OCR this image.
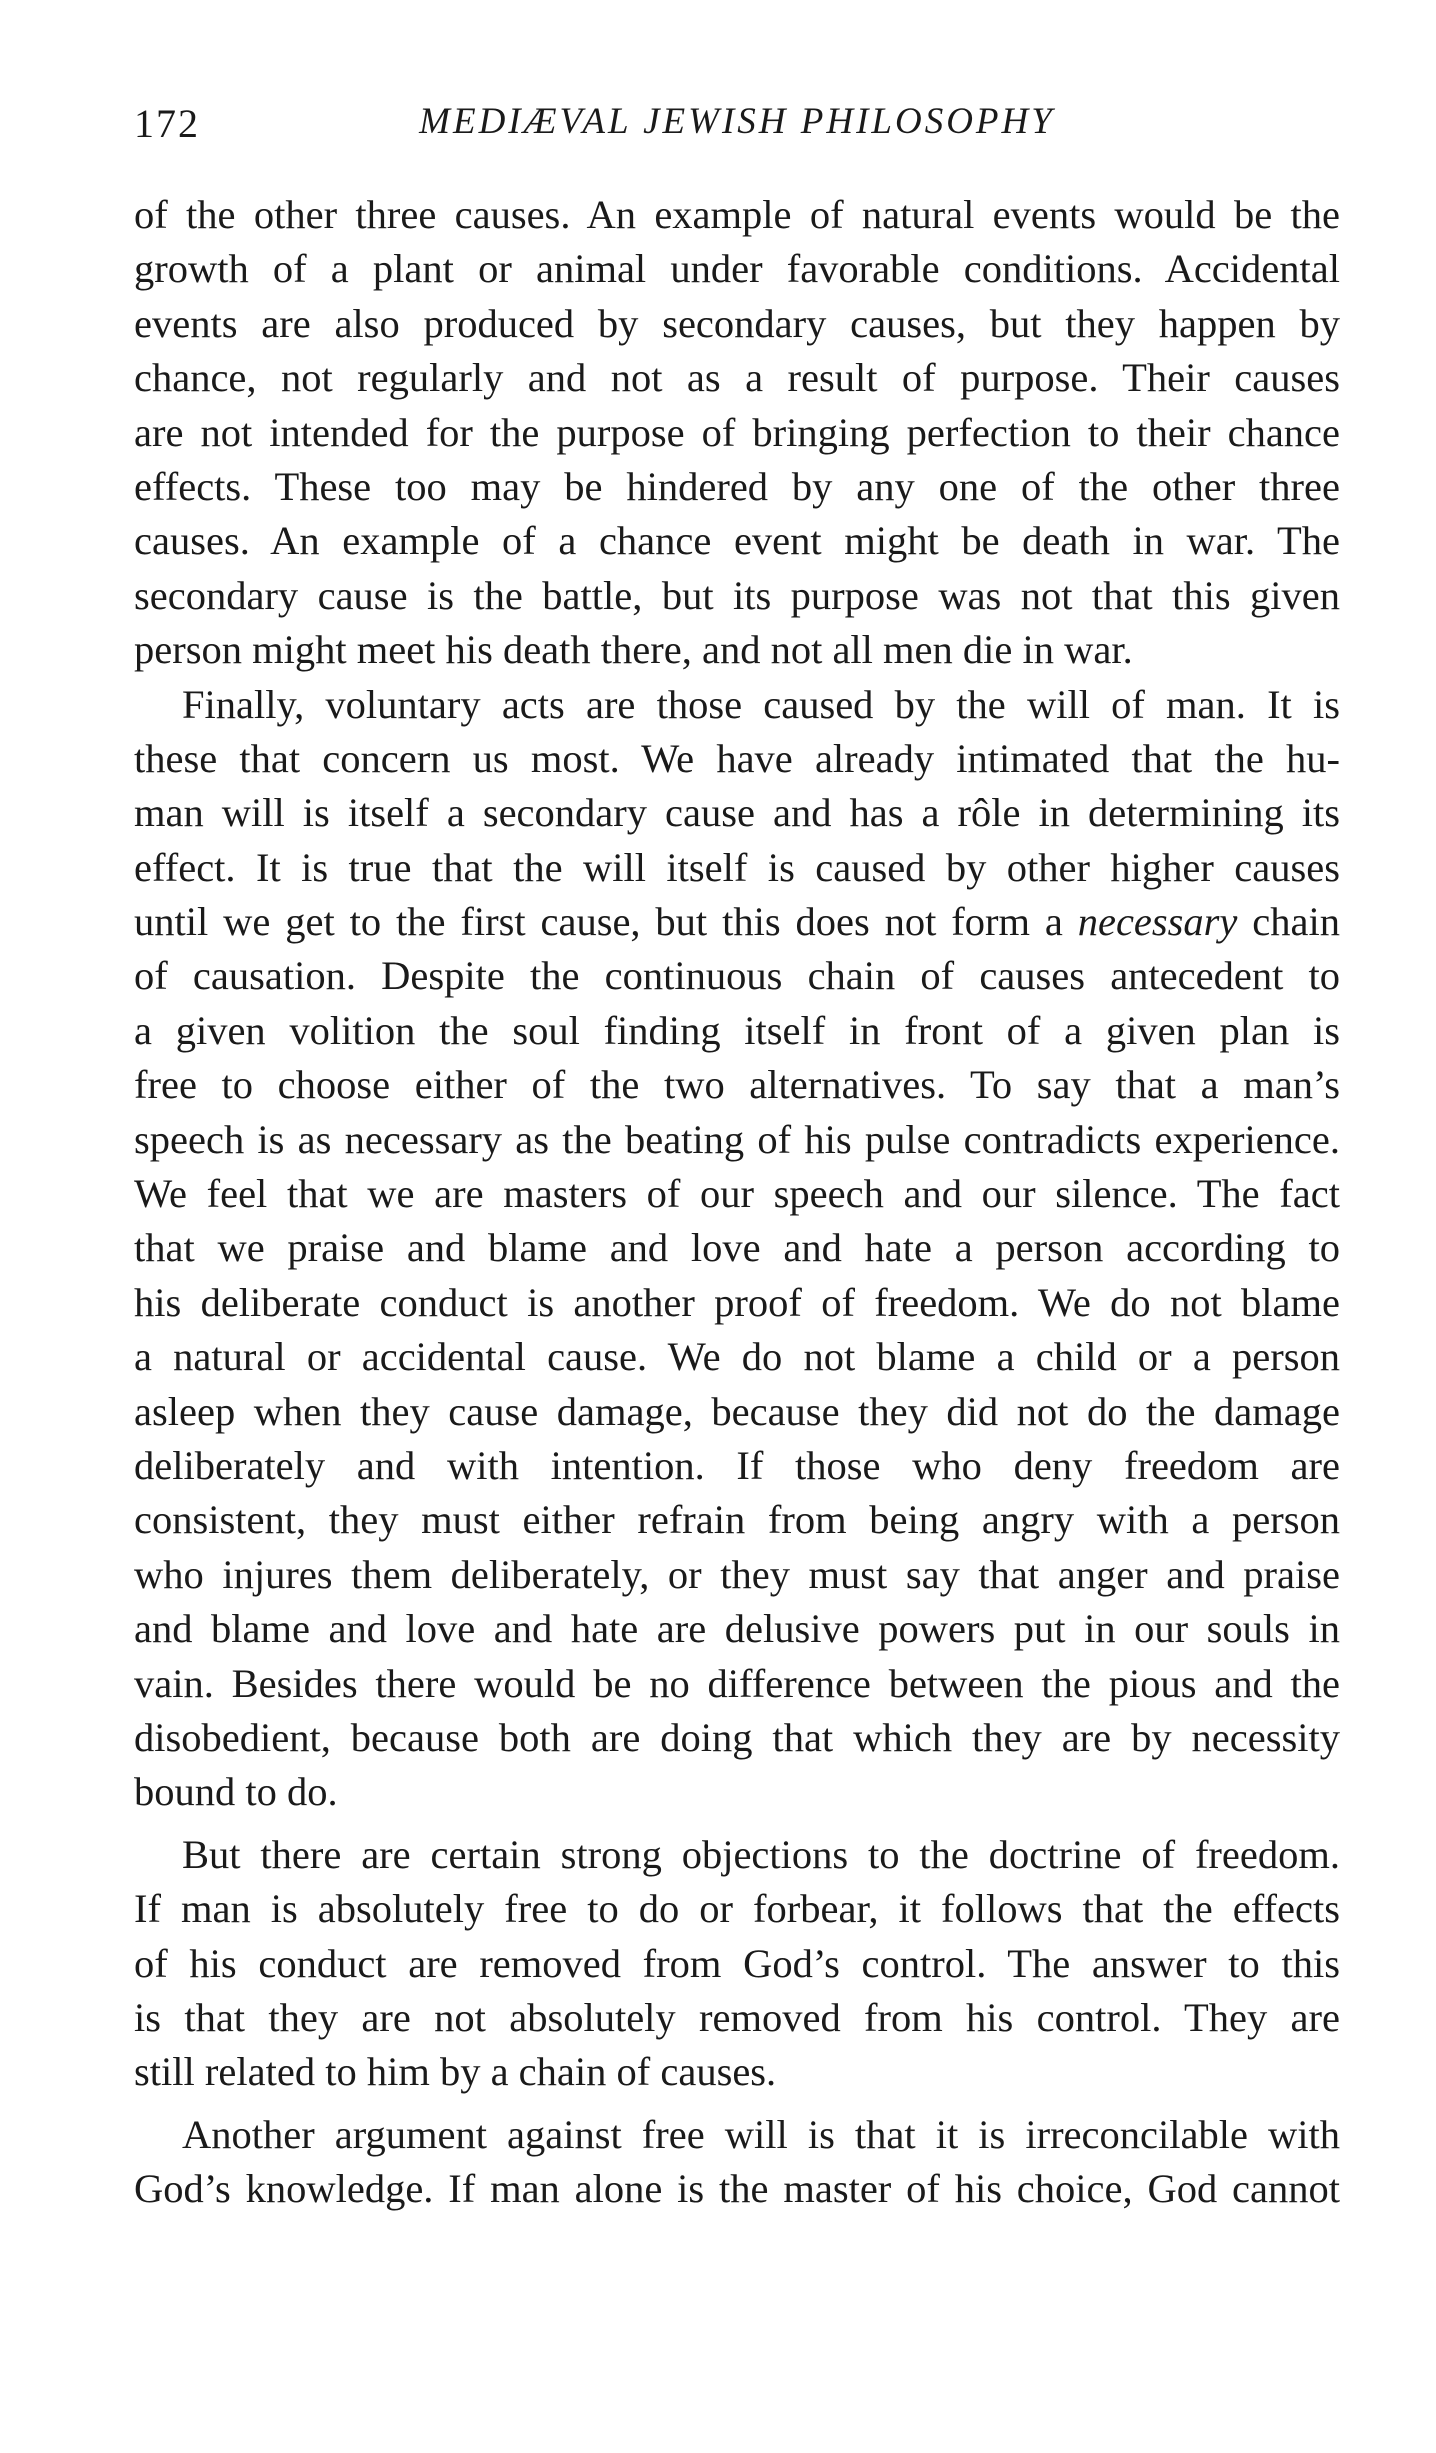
172	MEDIÆVAL JEWISH PHILOSOPHY
of the other three causes. An example of natural events would be the
growth of a plant or animal under favorable conditions. Accidental
events are also produced by secondary causes, but they happen by
chance, not regularly and not as a result of purpose. Their causes
are not intended for the purpose of bringing perfection to their chance
effects. These too may be hindered by any one of the other three
causes. An example of a chance event might be death in war. The
secondary cause is the battle, but its purpose was not that this given
person might meet his death there, and not all men die in war.
Finally, voluntary acts are those caused by the will of man. It is
these that concern us most. We have already intimated that the hu-
man will is itself a secondary cause and has a rôle in determining its
effect. It is true that the will itself is caused by other higher causes
until we get to the first cause, but this does not form a necessary chain
of causation. Despite the continuous chain of causes antecedent to
a given volition the soul finding itself in front of a given plan is
free to choose either of the two alternatives. To say that a man’s
speech is as necessary as the beating of his pulse contradicts experience.
We feel that we are masters of our speech and our silence. The fact
that we praise and blame and love and hate a person according to
his deliberate conduct is another proof of freedom. We do not blame
a natural or accidental cause. We do not blame a child or a person
asleep when they cause damage, because they did not do the damage
deliberately and with intention. If those who deny freedom are
consistent, they must either refrain from being angry with a person
who injures them deliberately, or they must say that anger and praise
and blame and love and hate are delusive powers put in our souls in
vain. Besides there would be no difference between the pious and the
disobedient, because both are doing that which they are by necessity
bound to do.
But there are certain strong objections to the doctrine of freedom.
If man is absolutely free to do or forbear, it follows that the effects
of his conduct are removed from God’s control. The answer to this
is that they are not absolutely removed from his control. They are
still related to him by a chain of causes.
Another argument against free will is that it is irreconcilable with
God’s knowledge. If man alone is the master of his choice, God cannot
